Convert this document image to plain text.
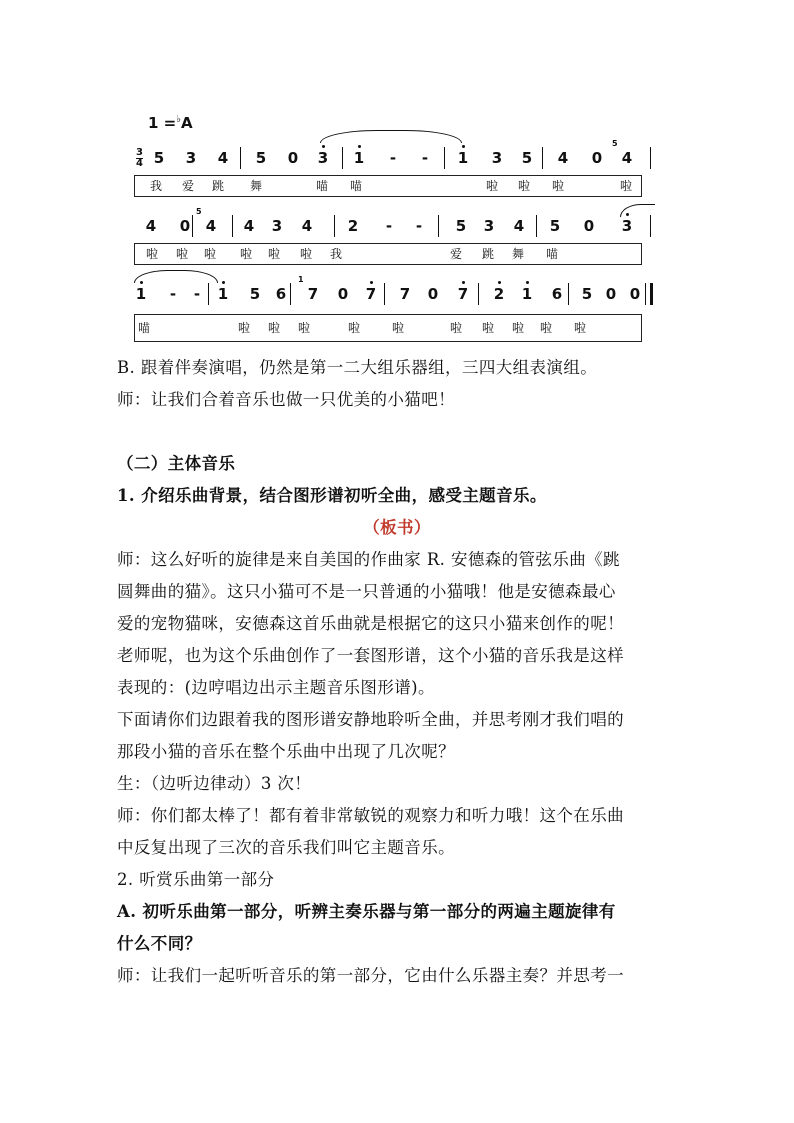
1 =♭A
3
4 5 3 4 5 0 3 1 - - 1 3 5 4 0 4
5
我 爱 跳 舞	喵 喵	啦 啦 啦	啦
4 0 4 4 3 4 2 - - 5 3 4 5 0 3
5
啦 啦 啦 啦 啦 啦 我	爱 跳 舞 喵
1 - - 1 5 6 7 0 7 7 0 7 2 1 6 5 0 0
1
喵	啦 啦 啦	啦	啦	啦 啦 啦 啦 啦

B. 跟着伴奏演唱，仍然是第一二大组乐器组，三四大组表演组。

师：让我们合着音乐也做一只优美的小猫吧！

（二）主体音乐

1. 介绍乐曲背景，结合图形谱初听全曲，感受主题音乐。

（板书）

师：这么好听的旋律是来自美国的作曲家 R. 安德森的管弦乐曲《跳

圆舞曲的猫》。这只小猫可不是一只普通的小猫哦！他是安德森最心

爱的宠物猫咪，安德森这首乐曲就是根据它的这只小猫来创作的呢！

老师呢，也为这个乐曲创作了一套图形谱，这个小猫的音乐我是这样

表现的：(边哼唱边出示主题音乐图形谱)。

下面请你们边跟着我的图形谱安静地聆听全曲，并思考刚才我们唱的

那段小猫的音乐在整个乐曲中出现了几次呢？

生：（边听边律动）3 次！

师：你们都太棒了！都有着非常敏锐的观察力和听力哦！这个在乐曲

中反复出现了三次的音乐我们叫它主题音乐。

2. 听赏乐曲第一部分

A. 初听乐曲第一部分，听辨主奏乐器与第一部分的两遍主题旋律有

什么不同？

师：让我们一起听听音乐的第一部分，它由什么乐器主奏？并思考一
